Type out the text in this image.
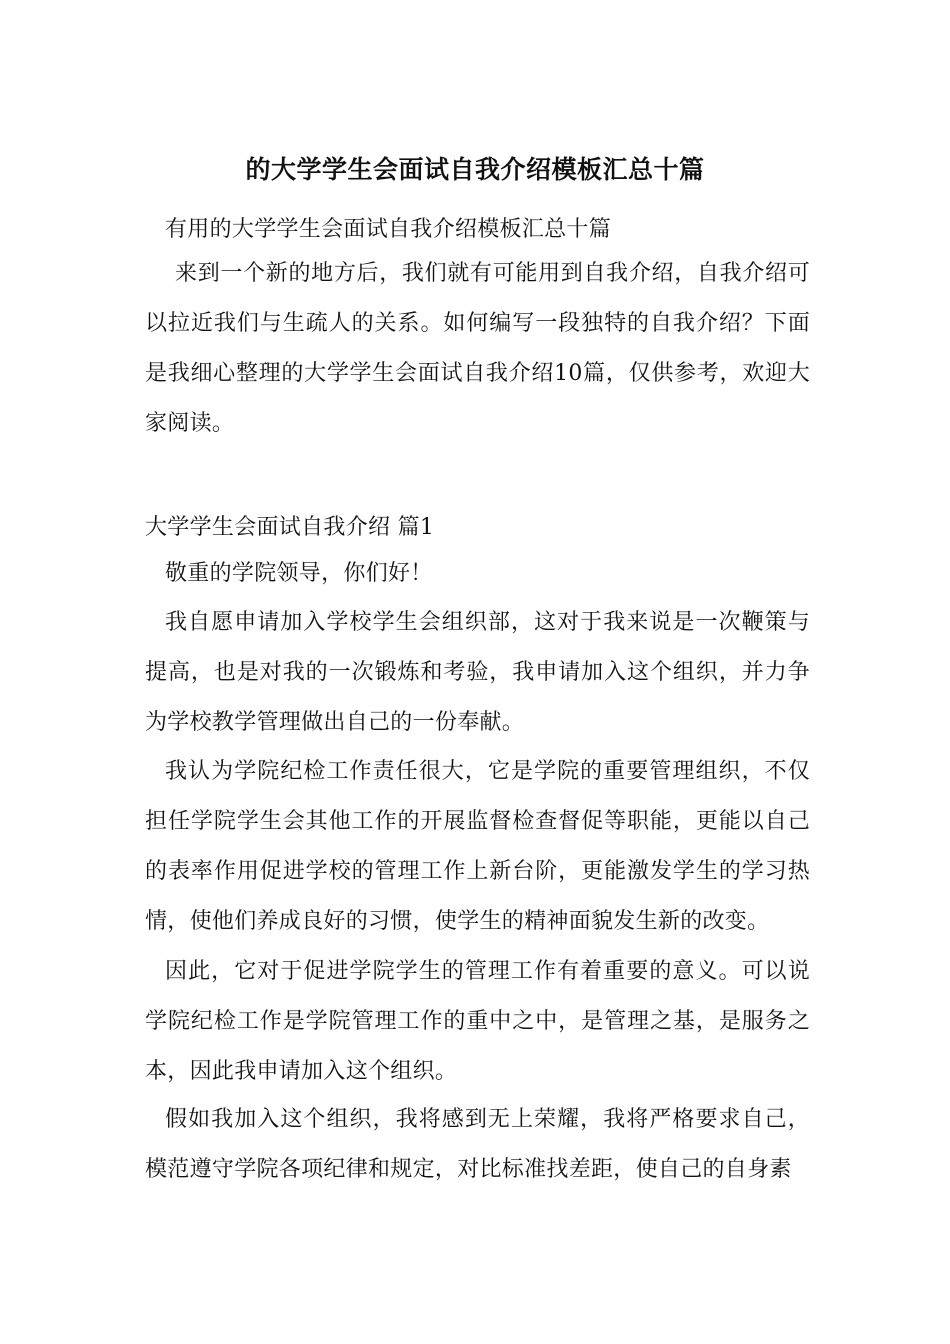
的大学学生会面试自我介绍模板汇总十篇
有用的大学学生会面试自我介绍模板汇总十篇
来到一个新的地方后，我们就有可能用到自我介绍，自我介绍可以拉近我们与生疏人的关系。如何编写一段独特的自我介绍？下面是我细心整理的大学学生会面试自我介绍10篇，仅供参考，欢迎大家阅读。
大学学生会面试自我介绍 篇1
敬重的学院领导，你们好！
我自愿申请加入学校学生会组织部，这对于我来说是一次鞭策与提高，也是对我的一次锻炼和考验，我申请加入这个组织，并力争为学校教学管理做出自己的一份奉献。
我认为学院纪检工作责任很大，它是学院的重要管理组织，不仅担任学院学生会其他工作的开展监督检查督促等职能，更能以自己的表率作用促进学校的管理工作上新台阶，更能激发学生的学习热情，使他们养成良好的习惯，使学生的精神面貌发生新的改变。
因此，它对于促进学院学生的管理工作有着重要的意义。可以说学院纪检工作是学院管理工作的重中之中，是管理之基，是服务之本，因此我申请加入这个组织。
假如我加入这个组织，我将感到无上荣耀，我将严格要求自己，模范遵守学院各项纪律和规定，对比标准找差距，使自己的自身素
